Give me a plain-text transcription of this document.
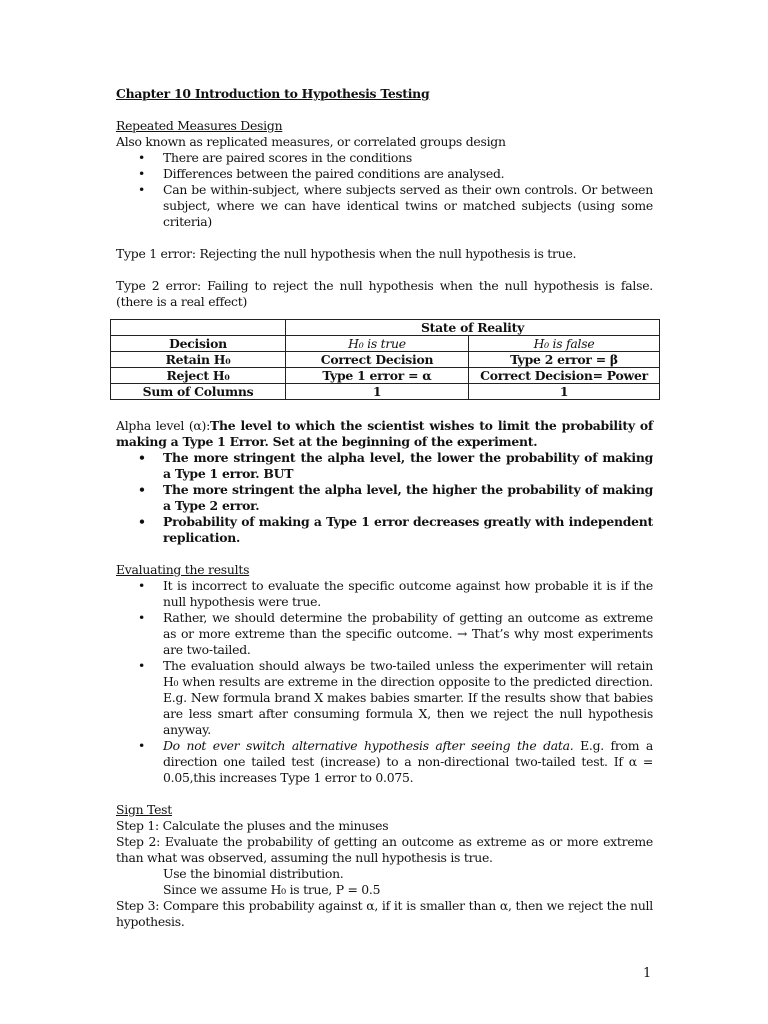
Chapter 10 Introduction to Hypothesis Testing

Repeated Measures Design

Also known as replicated measures, or correlated groups design

• There are paired scores in the conditions
• Differences between the paired conditions are analysed.
• Can be within-subject, where subjects served as their own controls. Or between subject, where we can have identical twins or matched subjects (using some criteria)

Type 1 error: Rejecting the null hypothesis when the null hypothesis is true.

Type 2 error: Failing to reject the null hypothesis when the null hypothesis is false. (there is a real effect)

	State of Reality	
Decision	H₀ is true	H₀ is false
Retain H₀	Correct Decision	Type 2 error = β
Reject H₀	Type 1 error = α	Correct Decision= Power
Sum of Columns	1	1

Alpha level (α):The level to which the scientist wishes to limit the probability of making a Type 1 Error. Set at the beginning of the experiment.

• The more stringent the alpha level, the lower the probability of making a Type 1 error. BUT
• The more stringent the alpha level, the higher the probability of making a Type 2 error.
• Probability of making a Type 1 error decreases greatly with independent replication.

Evaluating the results

• It is incorrect to evaluate the specific outcome against how probable it is if the null hypothesis were true.
• Rather, we should determine the probability of getting an outcome as extreme as or more extreme than the specific outcome. → That’s why most experiments are two-tailed.
• The evaluation should always be two-tailed unless the experimenter will retain H₀ when results are extreme in the direction opposite to the predicted direction. E.g. New formula brand X makes babies smarter. If the results show that babies are less smart after consuming formula X, then we reject the null hypothesis anyway.
• Do not ever switch alternative hypothesis after seeing the data. E.g. from a direction one tailed test (increase) to a non-directional two-tailed test. If α = 0.05,this increases Type 1 error to 0.075.

Sign Test

Step 1: Calculate the pluses and the minuses

Step 2: Evaluate the probability of getting an outcome as extreme as or more extreme than what was observed, assuming the null hypothesis is true.

Use the binomial distribution.

Since we assume H₀ is true, P = 0.5

Step 3: Compare this probability against α, if it is smaller than α, then we reject the null hypothesis.

1
